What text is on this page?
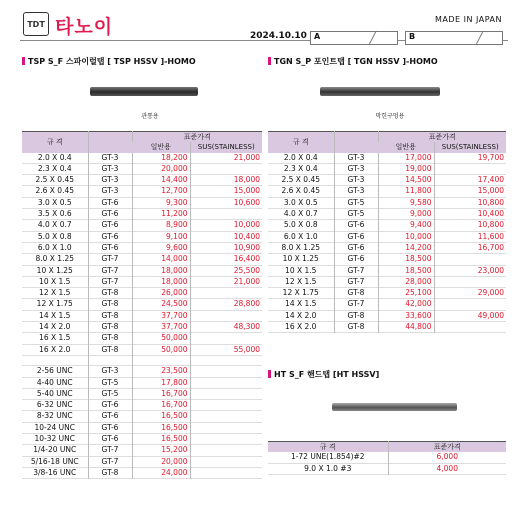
TDT 타노이	MADE IN JAPAN
2024.10.10 A	╱	B	╱
TSP S_F 스파이럴탭 [ TSP HSSV ]-HOMO
관통용
규 격		표준가격	
		일반용	SUS(STAINLESS)
2.0 X 0.4	GT-3	18,200	21,000
2.3 X 0.4	GT-3	20,000	
2.5 X 0.45	GT-3	14,400	18,000
2.6 X 0.45	GT-3	12,700	15,000
3.0 X 0.5	GT-6	9,300	10,600
3.5 X 0.6	GT-6	11,200	
4.0 X 0.7	GT-6	8,900	10,000
5.0 X 0.8	GT-6	9,100	10,400
6.0 X 1.0	GT-6	9,600	10,900
8.0 X 1.25	GT-7	14,000	16,400
10 X 1.25	GT-7	18,000	25,500
10 X 1.5	GT-7	18,000	21,000
12 X 1.5	GT-8	26,000	
12 X 1.75	GT-8	24,500	28,800
14 X 1.5	GT-8	37,700	
14 X 2.0	GT-8	37,700	48,300
16 X 1.5	GT-8	50,000	
16 X 2.0	GT-8	50,000	55,000

2-56 UNC	GT-3	23,500	
4-40 UNC	GT-5	17,800	
5-40 UNC	GT-5	16,700	
6-32 UNC	GT-6	16,700	
8-32 UNC	GT-6	16,500	
10-24 UNC	GT-6	16,500	
10-32 UNC	GT-6	16,500	
1/4-20 UNC	GT-7	15,200	
5/16-18 UNC	GT-7	20,000	
3/8-16 UNC	GT-8	24,000	
TGN S_P 포인트탭 [ TGN HSSV ]-HOMO
막힌구멍용
규 격		표준가격	
		일반용	SUS(STAINLESS)
2.0 X 0.4	GT-3	17,000	19,700
2.3 X 0.4	GT-3	19,000	
2.5 X 0.45	GT-3	14,500	17,400
2.6 X 0.45	GT-3	11,800	15,000
3.0 X 0.5	GT-5	9,580	10,800
4.0 X 0.7	GT-5	9,000	10,400
5.0 X 0.8	GT-6	9,400	10,800
6.0 X 1.0	GT-6	10,000	11,600
8.0 X 1.25	GT-6	14,200	16,700
10 X 1.25	GT-6	18,500	
10 X 1.5	GT-7	18,500	23,000
12 X 1.5	GT-7	28,000	
12 X 1.75	GT-8	25,100	29,000
14 X 1.5	GT-7	42,000	
14 X 2.0	GT-8	33,600	49,000
16 X 2.0	GT-8	44,800	
HT S_F 핸드탭 [HT HSSV]
규 격	표준가격
1-72 UNE(1.854)#2	6,000
9.0 X 1.0 #3	4,000
